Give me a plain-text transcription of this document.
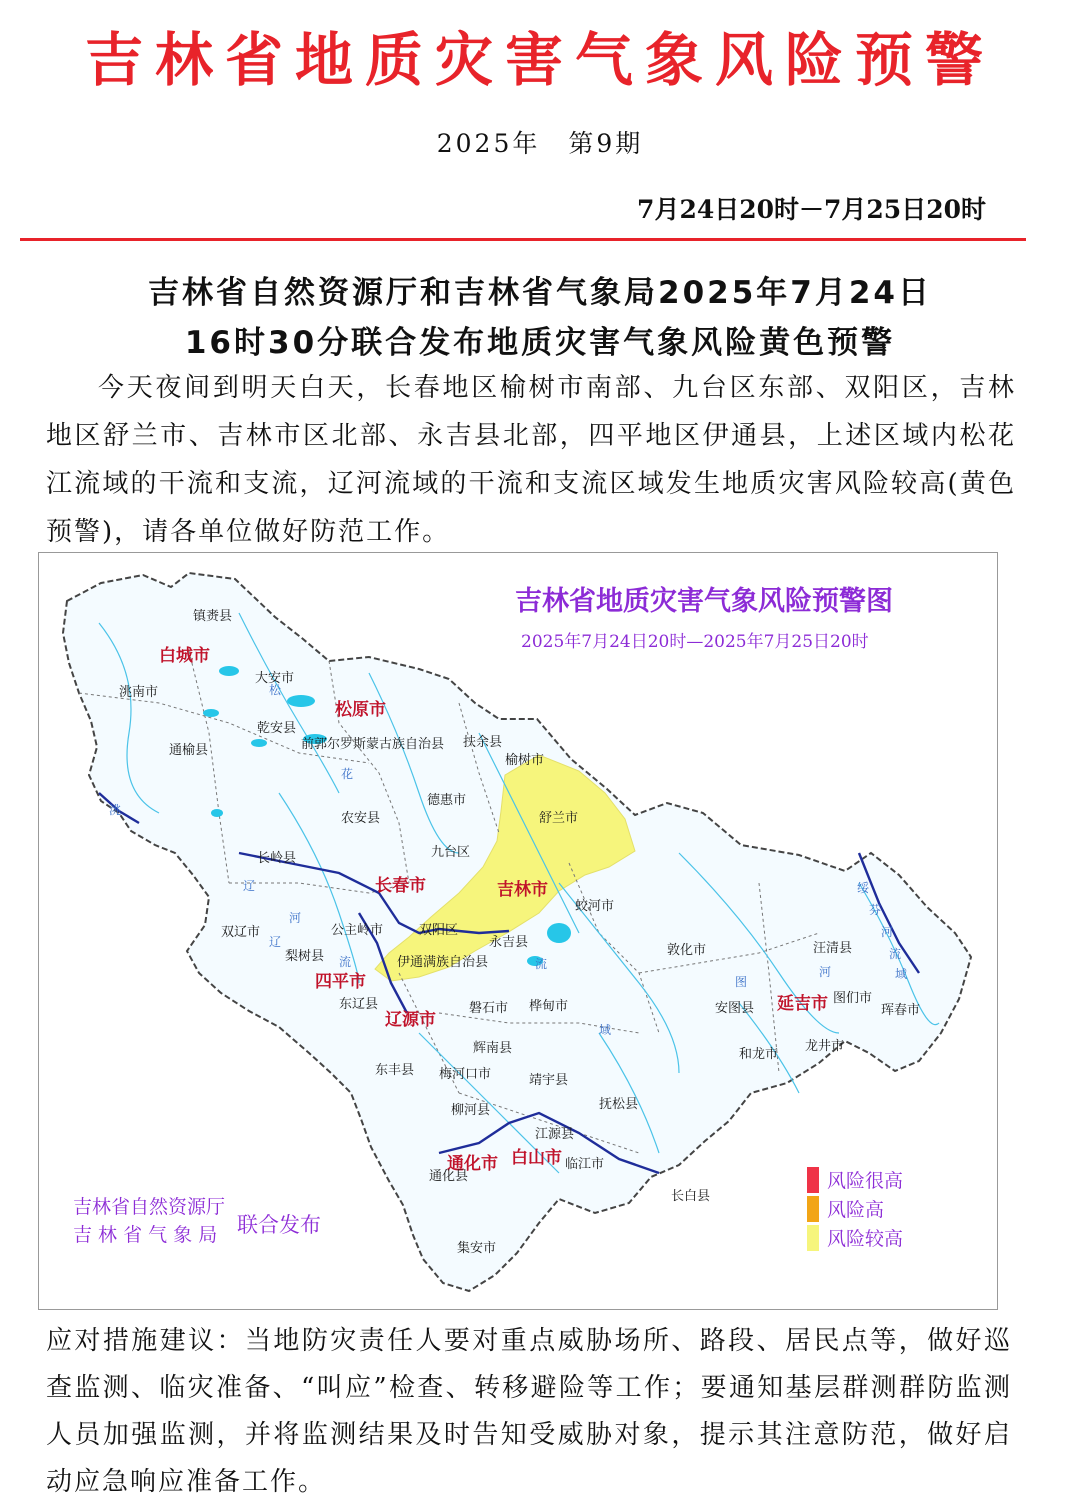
吉林省地质灾害气象风险预警
2025年　第9期
7月24日20时－7月25日20时
吉林省自然资源厅和吉林省气象局2025年7月24日
16时30分联合发布地质灾害气象风险黄色预警
今天夜间到明天白天，长春地区榆树市南部、九台区东部、双阳区，吉林地区舒兰市、吉林市区北部、永吉县北部，四平地区伊通县，上述区域内松花江流域的干流和支流，辽河流域的干流和支流区域发生地质灾害风险较高(黄色预警)，请各单位做好防范工作。
吉林省地质灾害气象风险预警图
2025年7月24日20时—2025年7月25日20时
白城市
松原市
长春市	吉林市
四平市
辽源市
通化市 白山市
延吉市
镇赉县
大安市
洮南市
乾安县
通榆县	前郭尔罗斯蒙古族自治县 扶余县
榆树市
德惠市
农安县	舒兰市
九台区
长岭县
蛟河市
双辽市	公主岭市	双阳区
梨树县
永吉县
伊通满族自治县
敦化市	汪清县
东辽县	磐石市 桦甸市	安图县
图们市
珲春市
东丰县
辉南县
梅河口市	靖宇县
和龙市
龙井市
柳河县	抚松县
江源县
通化县
临江市
长白县
集安市
洮
松
花
辽
河
流
域
图
绥
芬
河
流
域
辽
河
流
吉林省自然资源厅
吉 林 省 气 象 局 联合发布
风险很高
风险高
风险较高
应对措施建议：当地防灾责任人要对重点威胁场所、路段、居民点等，做好巡查监测、临灾准备、“叫应”检查、转移避险等工作；要通知基层群测群防监测人员加强监测，并将监测结果及时告知受威胁对象，提示其注意防范，做好启动应急响应准备工作。
